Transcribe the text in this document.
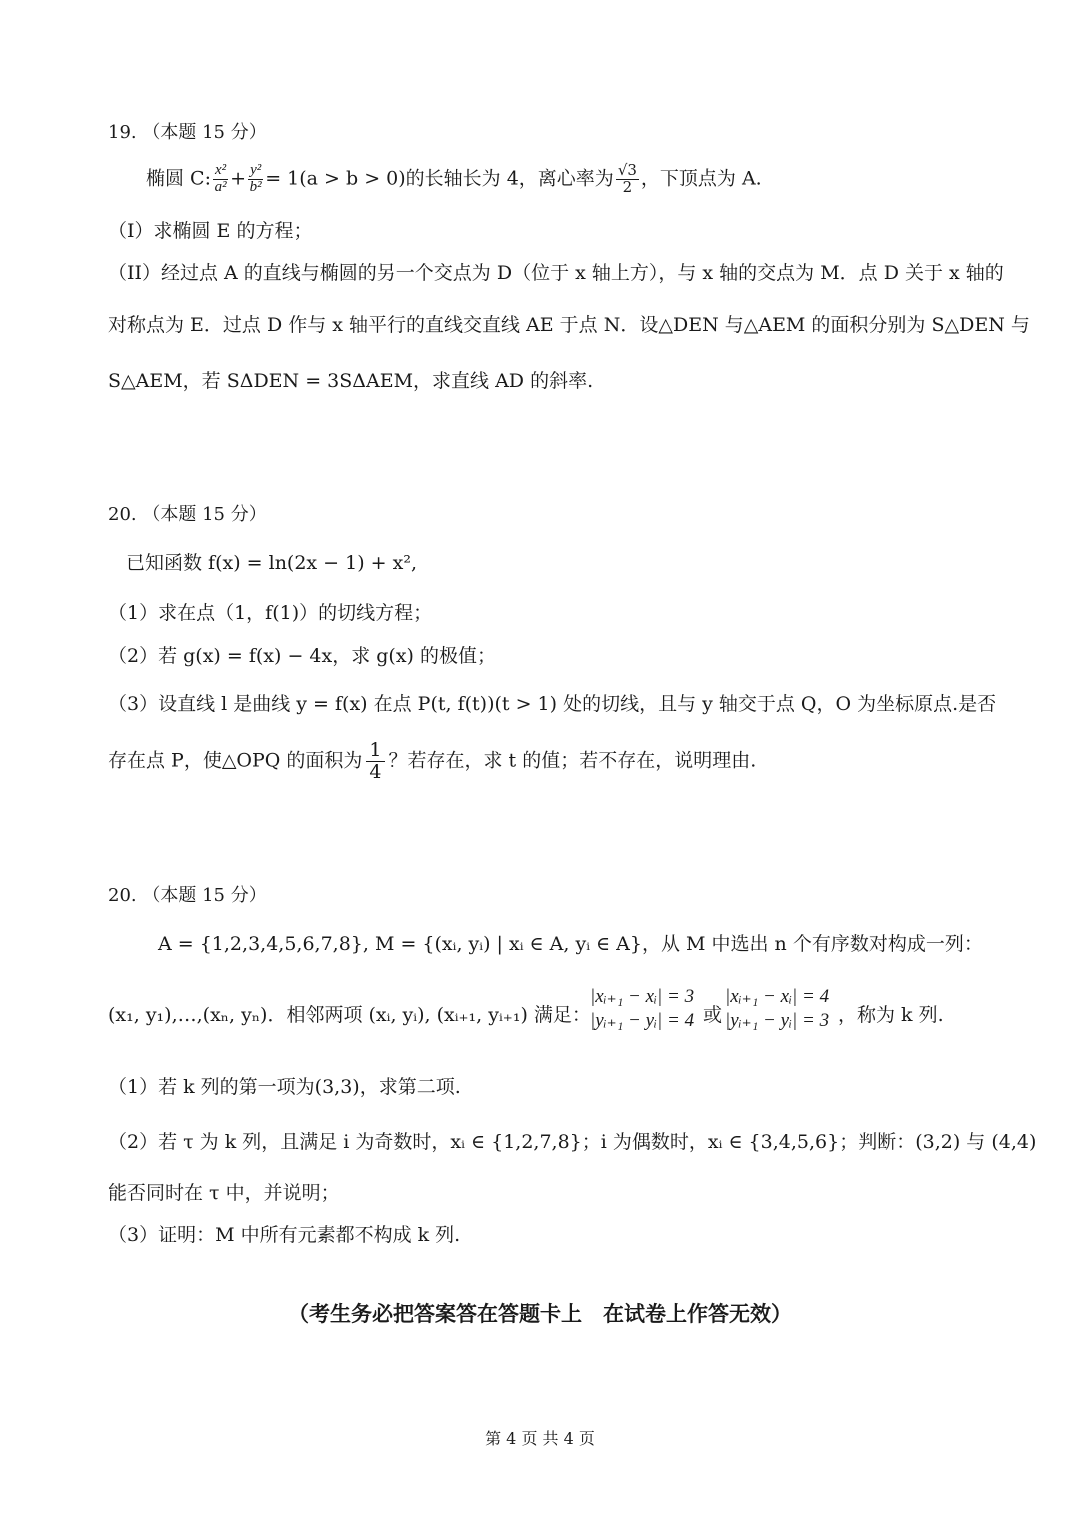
19. （本题 15 分）
椭圆 C: $\frac{\text{x²}}{\text{a²}} + \frac{\text{y²}}{\text{b²}} = 1(a > b > 0)$的长轴长为 4，离心率为 $\frac{√3}{2}$ ，下顶点为 A.
（I）求椭圆 E 的方程；
（II）经过点 A 的直线与椭圆的另一个交点为 D（位于 x 轴上方），与 x 轴的交点为 M．点 D 关于 x 轴的
对称点为 E．过点 D 作与 x 轴平行的直线交直线 AE 于点 N．设△DEN 与△AEM 的面积分别为 S△DEN 与
S△AEM，若 SΔDEN = 3SΔAEM，求直线 AD 的斜率.
20. （本题 15 分）
已知函数 f(x) = ln(2x − 1) + x²,
（1）求在点（1，f(1)）的切线方程；
（2）若 g(x) = f(x) − 4x，求 g(x) 的极值；
（3）设直线 l 是曲线 y = f(x) 在点 P(t, f(t))(t > 1) 处的切线，且与 y 轴交于点 Q，O 为坐标原点.是否
存在点 P，使△OPQ 的面积为 $\frac{1}{4}$ ？若存在，求 t 的值；若不存在，说明理由.
20. （本题 15 分）
A = {1,2,3,4,5,6,7,8}, M = {(xᵢ, yᵢ) | xᵢ ∈ A, yᵢ ∈ A}，从 M 中选出 n 个有序数对构成一列：
(x₁, y₁),…,(xₙ, yₙ)．相邻两项 (xᵢ, yᵢ), (xᵢ₊₁, yᵢ₊₁) 满足：
|xᵢ₊₁ − xᵢ| = 3
|yᵢ₊₁ − yᵢ| = 4 或
|xᵢ₊₁ − xᵢ| = 4
|yᵢ₊₁ − yᵢ| = 3 ，称为 k 列.
（1）若 k 列的第一项为(3,3)，求第二项.
（2）若 τ 为 k 列，且满足 i 为奇数时，xᵢ ∈ {1,2,7,8}；i 为偶数时，xᵢ ∈ {3,4,5,6}；判断：(3,2) 与 (4,4)
能否同时在 τ 中，并说明；
（3）证明：M 中所有元素都不构成 k 列.
（考生务必把答案答在答题卡上　在试卷上作答无效）
第 4 页 共 4 页
